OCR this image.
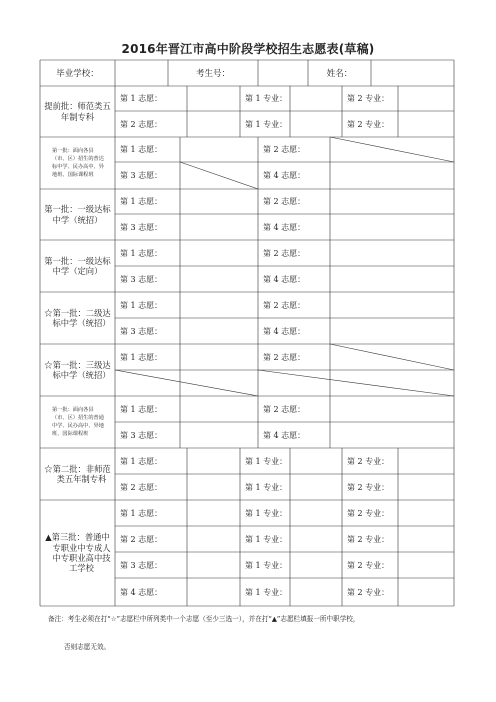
2016年晋江市高中阶段学校招生志愿表(草稿)
毕业学校：	考生号：	姓名：
提前批：师范类五年制专科
第 1 志愿：	第 1 专业：	第 2 专业：
第 2 志愿：	第 1 专业：	第 2 专业：
第一批：面向各县（市、区）招生的普达标中学、民办高中、异地班、国际课程班
第 1 志愿：	第 2 志愿：
第 3 志愿：	第 4 志愿：
第一批：一级达标中学（统招）
第 1 志愿：	第 2 志愿：
第 3 志愿：	第 4 志愿：
第一批：一级达标中学（定向）
第 1 志愿：	第 2 志愿：
第 3 志愿：	第 4 志愿：
☆第一批：二级达标中学（统招）
第 1 志愿：	第 2 志愿：
第 3 志愿：	第 4 志愿：
☆第一批：三级达标中学（统招）
第 1 志愿：	第 2 志愿：
第一批：面向各县（市、区）招生的普通中学、民办高中、异地班、国际课程班
第 1 志愿：	第 2 志愿：
第 3 志愿：	第 4 志愿：
☆第二批：非师范类五年制专科
第 1 志愿：	第 1 专业：	第 2 专业：
第 2 志愿：	第 1 专业：	第 2 专业：
▲第三批：普通中专职业中专成人中专职业高中技工学校
第 1 志愿：	第 1 专业：	第 2 专业：
第 2 志愿：	第 1 专业：	第 2 专业：
第 3 志愿：	第 1 专业：	第 2 专业：
第 4 志愿：	第 1 专业：	第 2 专业：
备注：考生必须在打“☆”志愿栏中所列类中一个志愿（至少三选一），并在打“▲”志愿栏填报一所中职学校，
否则志愿无效。
